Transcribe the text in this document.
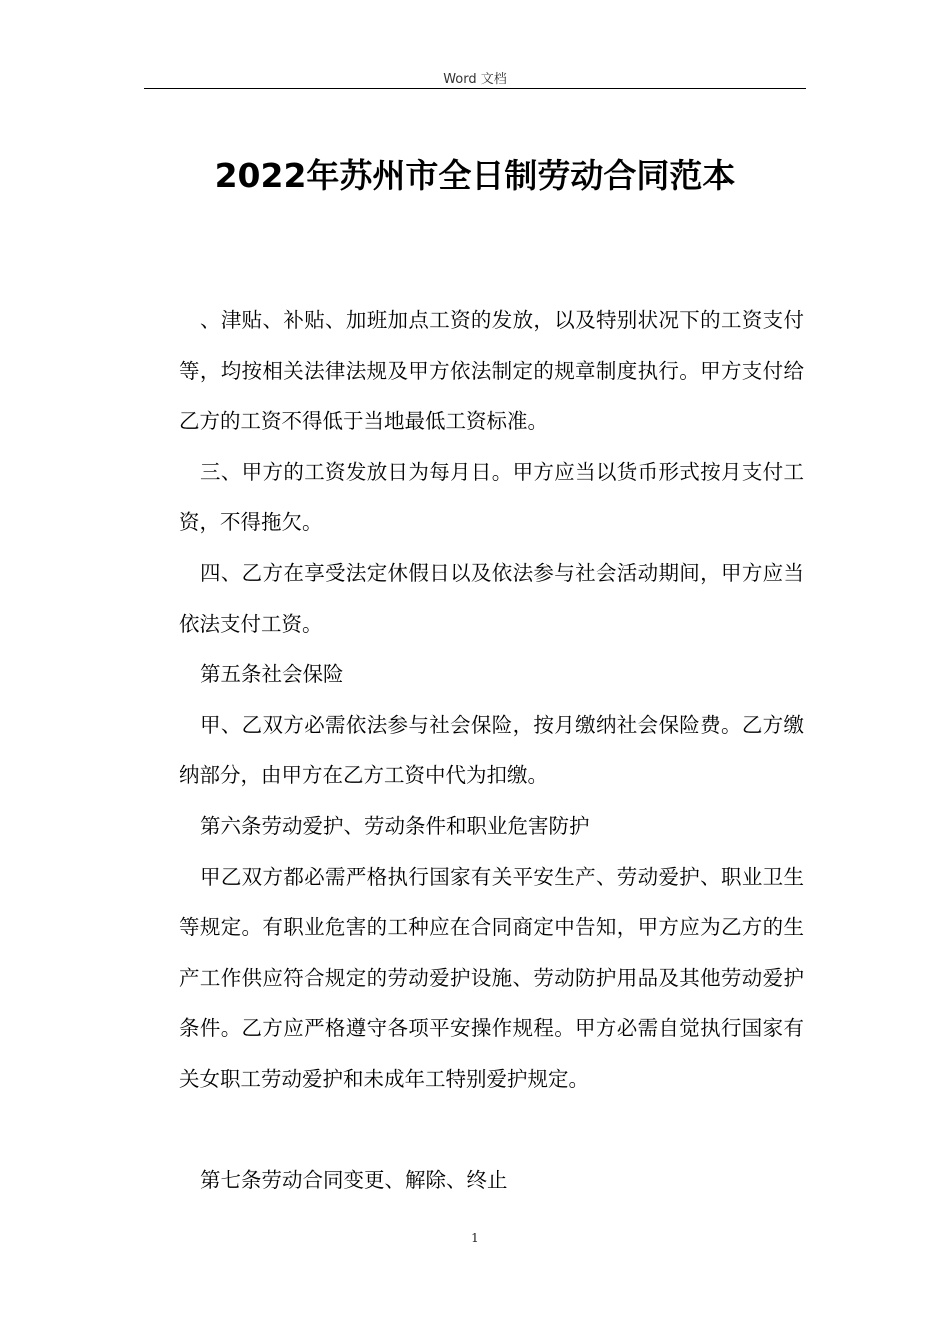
Word 文档
2022年苏州市全日制劳动合同范本

、津贴、补贴、加班加点工资的发放，以及特别状况下的工资支付等，均按相关法律法规及甲方依法制定的规章制度执行。甲方支付给乙方的工资不得低于当地最低工资标准。

三、甲方的工资发放日为每月日。甲方应当以货币形式按月支付工资，不得拖欠。

四、乙方在享受法定休假日以及依法参与社会活动期间，甲方应当依法支付工资。

第五条社会保险

甲、乙双方必需依法参与社会保险，按月缴纳社会保险费。乙方缴纳部分，由甲方在乙方工资中代为扣缴。

第六条劳动爱护、劳动条件和职业危害防护

甲乙双方都必需严格执行国家有关平安生产、劳动爱护、职业卫生等规定。有职业危害的工种应在合同商定中告知，甲方应为乙方的生产工作供应符合规定的劳动爱护设施、劳动防护用品及其他劳动爱护条件。乙方应严格遵守各项平安操作规程。甲方必需自觉执行国家有关女职工劳动爱护和未成年工特别爱护规定。

第七条劳动合同变更、解除、终止

1
